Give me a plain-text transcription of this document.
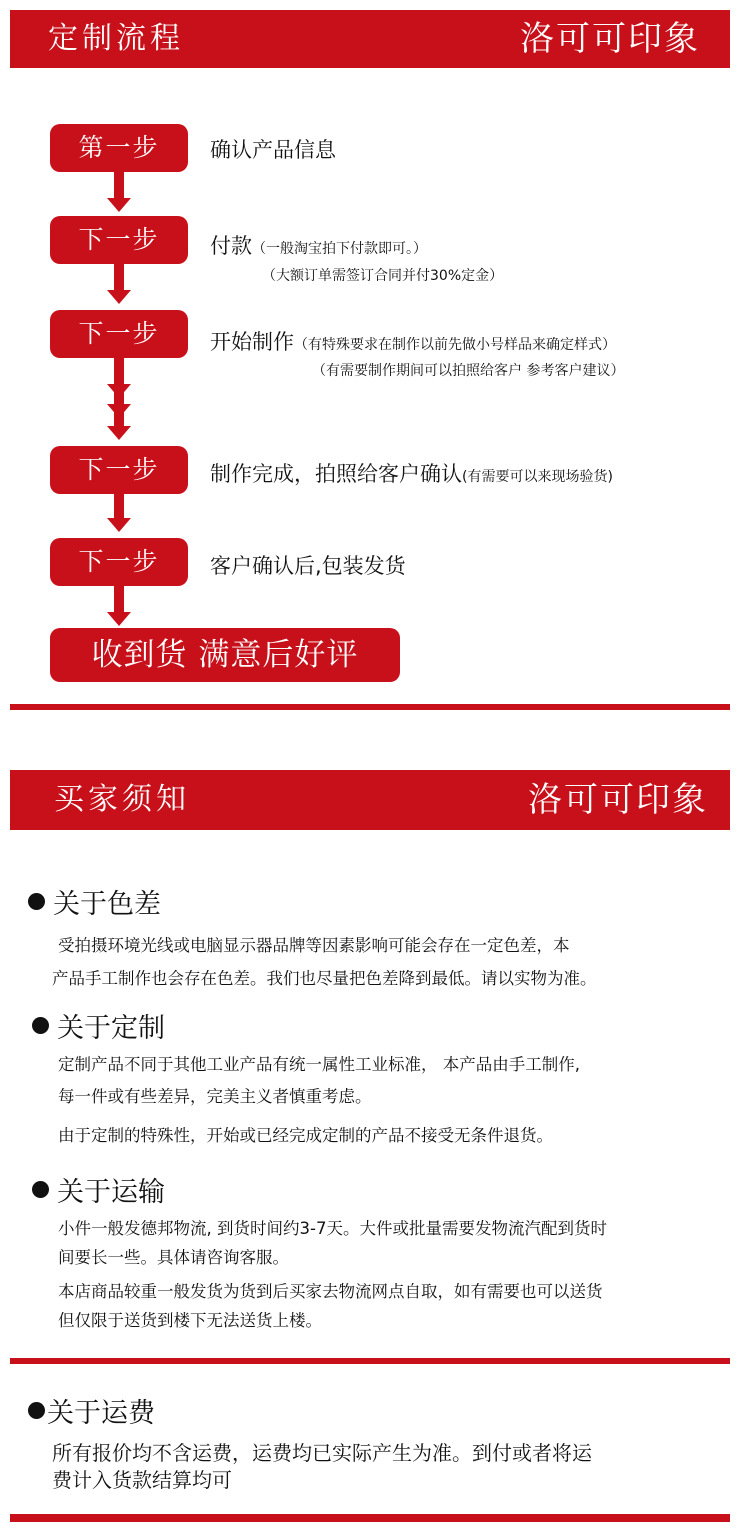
定制流程	洛可可印象
第一步
下一步
下一步
下一步
下一步
收到货 满意后好评
确认产品信息
付款（一般淘宝拍下付款即可。）
（大额订单需签订合同并付30%定金）
开始制作（有特殊要求在制作以前先做小号样品来确定样式）
（有需要制作期间可以拍照给客户 参考客户建议）
制作完成，拍照给客户确认(有需要可以来现场验货)
客户确认后,包装发货
买家须知	洛可可印象
关于色差
受拍摄环境光线或电脑显示器品牌等因素影响可能会存在一定色差，本
产品手工制作也会存在色差。我们也尽量把色差降到最低。请以实物为准。
关于定制
定制产品不同于其他工业产品有统一属性工业标准， 本产品由手工制作,
每一件或有些差异，完美主义者慎重考虑。
由于定制的特殊性，开始或已经完成定制的产品不接受无条件退货。
关于运输
小件一般发德邦物流, 到货时间约3-7天。大件或批量需要发物流汽配到货时
间要长一些。具体请咨询客服。
本店商品较重一般发货为货到后买家去物流网点自取，如有需要也可以送货
但仅限于送货到楼下无法送货上楼。
关于运费
所有报价均不含运费，运费均已实际产生为准。到付或者将运
费计入货款结算均可
